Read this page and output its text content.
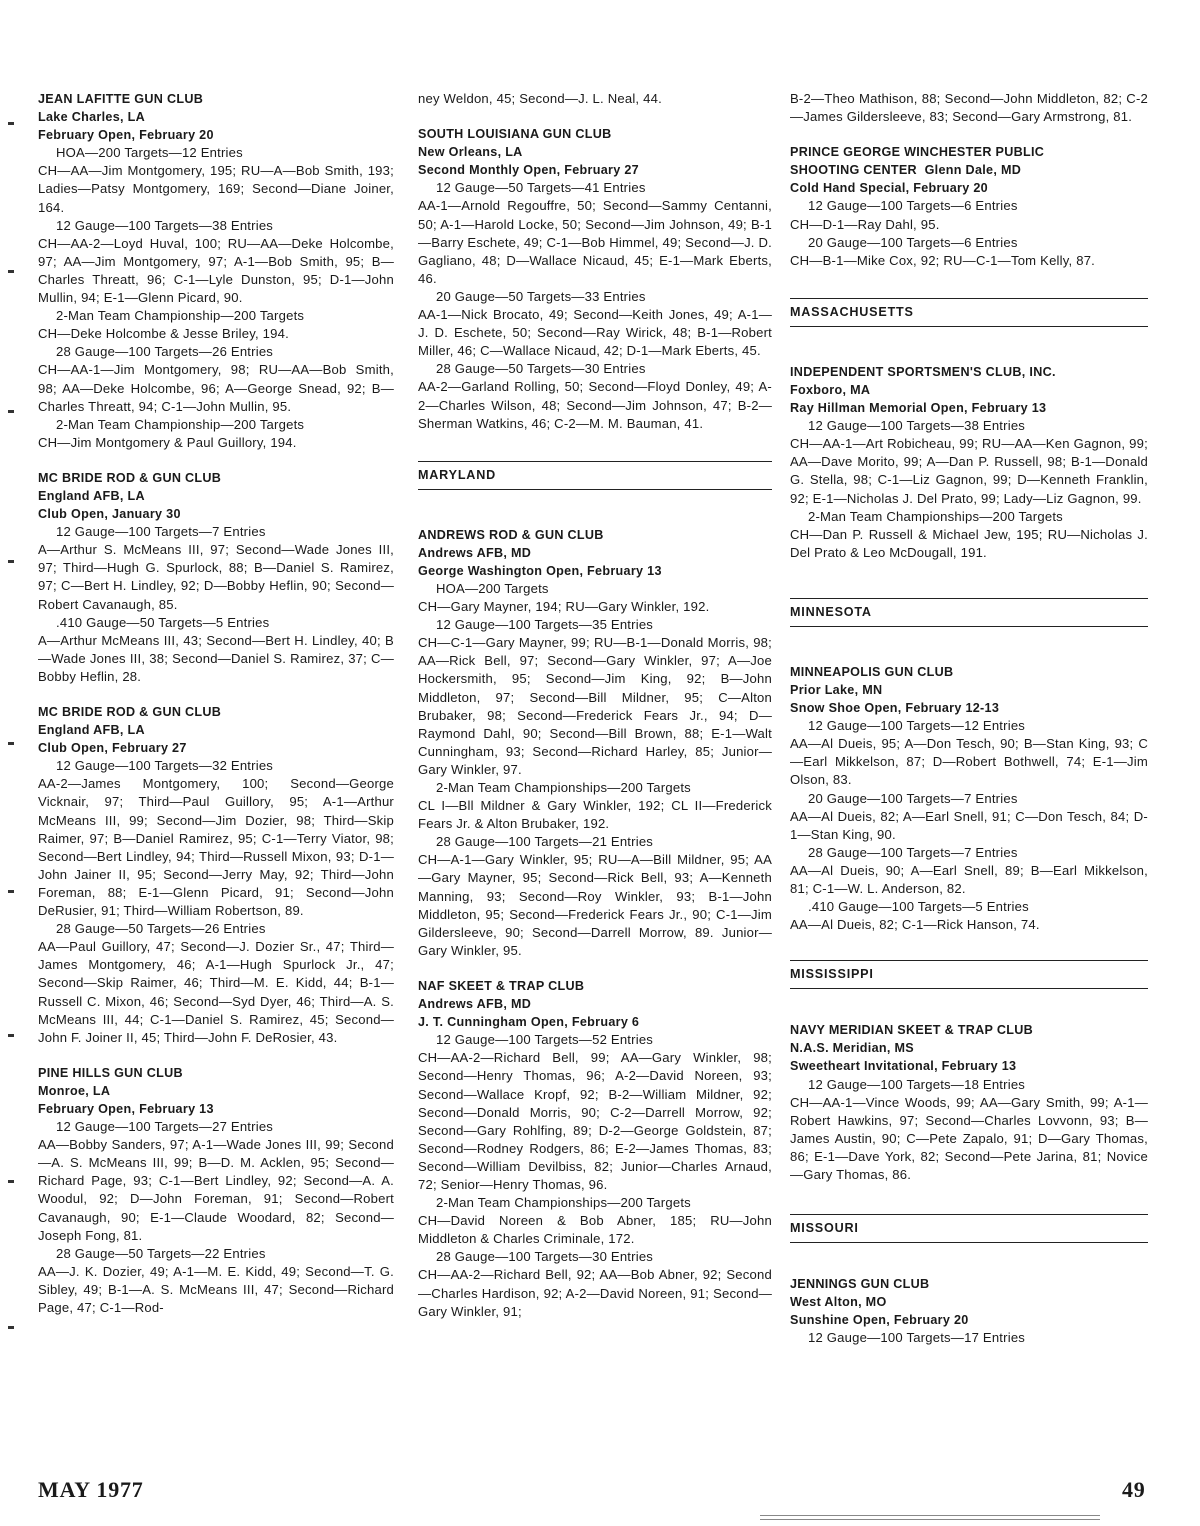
JEAN LAFITTE GUN CLUB
Lake Charles, LA
February Open, February 20

HOA—200 Targets—12 Entries

CH—AA—Jim Montgomery, 195; RU—A—Bob Smith, 193; Ladies—Patsy Montgomery, 169; Second—Diane Joiner, 164.

12 Gauge—100 Targets—38 Entries

CH—AA-2—Loyd Huval, 100; RU—AA—Deke Holcombe, 97; AA—Jim Montgomery, 97; A-1—Bob Smith, 95; B—Charles Threatt, 96; C-1—Lyle Dunston, 95; D-1—John Mullin, 94; E-1—Glenn Picard, 90.

2-Man Team Championship—200 Targets

CH—Deke Holcombe & Jesse Briley, 194.

28 Gauge—100 Targets—26 Entries

CH—AA-1—Jim Montgomery, 98; RU—AA—Bob Smith, 98; AA—Deke Holcombe, 96; A—George Snead, 92; B—Charles Threatt, 94; C-1—John Mullin, 95.

2-Man Team Championship—200 Targets

CH—Jim Montgomery & Paul Guillory, 194.

MC BRIDE ROD & GUN CLUB
England AFB, LA
Club Open, January 30

12 Gauge—100 Targets—7 Entries

A—Arthur S. McMeans III, 97; Second—Wade Jones III, 97; Third—Hugh G. Spurlock, 88; B—Daniel S. Ramirez, 97; C—Bert H. Lindley, 92; D—Bobby Heflin, 90; Second—Robert Cavanaugh, 85.

.410 Gauge—50 Targets—5 Entries

A—Arthur McMeans III, 43; Second—Bert H. Lindley, 40; B—Wade Jones III, 38; Second—Daniel S. Ramirez, 37; C—Bobby Heflin, 28.

MC BRIDE ROD & GUN CLUB
England AFB, LA
Club Open, February 27

12 Gauge—100 Targets—32 Entries

AA-2—James Montgomery, 100; Second—George Vicknair, 97; Third—Paul Guillory, 95; A-1—Arthur McMeans III, 99; Second—Jim Dozier, 98; Third—Skip Raimer, 97; B—Daniel Ramirez, 95; C-1—Terry Viator, 98; Second—Bert Lindley, 94; Third—Russell Mixon, 93; D-1—John Jainer II, 95; Second—Jerry May, 92; Third—John Foreman, 88; E-1—Glenn Picard, 91; Second—John DeRusier, 91; Third—William Robertson, 89.

28 Gauge—50 Targets—26 Entries

AA—Paul Guillory, 47; Second—J. Dozier Sr., 47; Third—James Montgomery, 46; A-1—Hugh Spurlock Jr., 47; Second—Skip Raimer, 46; Third—M. E. Kidd, 44; B-1—Russell C. Mixon, 46; Second—Syd Dyer, 46; Third—A. S. McMeans III, 44; C-1—Daniel S. Ramirez, 45; Second—John F. Joiner II, 45; Third—John F. DeRosier, 43.

PINE HILLS GUN CLUB
Monroe, LA
February Open, February 13

12 Gauge—100 Targets—27 Entries

AA—Bobby Sanders, 97; A-1—Wade Jones III, 99; Second—A. S. McMeans III, 99; B—D. M. Acklen, 95; Second—Richard Page, 93; C-1—Bert Lindley, 92; Second—A. A. Woodul, 92; D—John Foreman, 91; Second—Robert Cavanaugh, 90; E-1—Claude Woodard, 82; Second—Joseph Fong, 81.

28 Gauge—50 Targets—22 Entries

AA—J. K. Dozier, 49; A-1—M. E. Kidd, 49; Second—T. G. Sibley, 49; B-1—A. S. McMeans III, 47; Second—Richard Page, 47; C-1—Rod-

ney Weldon, 45; Second—J. L. Neal, 44.

SOUTH LOUISIANA GUN CLUB
New Orleans, LA
Second Monthly Open, February 27

12 Gauge—50 Targets—41 Entries

AA-1—Arnold Regouffre, 50; Second—Sammy Centanni, 50; A-1—Harold Locke, 50; Second—Jim Johnson, 49; B-1—Barry Eschete, 49; C-1—Bob Himmel, 49; Second—J. D. Gagliano, 48; D—Wallace Nicaud, 45; E-1—Mark Eberts, 46.

20 Gauge—50 Targets—33 Entries

AA-1—Nick Brocato, 49; Second—Keith Jones, 49; A-1—J. D. Eschete, 50; Second—Ray Wirick, 48; B-1—Robert Miller, 46; C—Wallace Nicaud, 42; D-1—Mark Eberts, 45.

28 Gauge—50 Targets—30 Entries

AA-2—Garland Rolling, 50; Second—Floyd Donley, 49; A-2—Charles Wilson, 48; Second—Jim Johnson, 47; B-2—Sherman Watkins, 46; C-2—M. M. Bauman, 41.

MARYLAND
ANDREWS ROD & GUN CLUB
Andrews AFB, MD
George Washington Open, February 13

HOA—200 Targets

CH—Gary Mayner, 194; RU—Gary Winkler, 192.

12 Gauge—100 Targets—35 Entries

CH—C-1—Gary Mayner, 99; RU—B-1—Donald Morris, 98; AA—Rick Bell, 97; Second—Gary Winkler, 97; A—Joe Hockersmith, 95; Second—Jim King, 92; B—John Middleton, 97; Second—Bill Mildner, 95; C—Alton Brubaker, 98; Second—Frederick Fears Jr., 94; D—Raymond Dahl, 90; Second—Bill Brown, 88; E-1—Walt Cunningham, 93; Second—Richard Harley, 85; Junior—Gary Winkler, 97.

2-Man Team Championships—200 Targets

CL I—Bll Mildner & Gary Winkler, 192; CL II—Frederick Fears Jr. & Alton Brubaker, 192.

28 Gauge—100 Targets—21 Entries

CH—A-1—Gary Winkler, 95; RU—A—Bill Mildner, 95; AA—Gary Mayner, 95; Second—Rick Bell, 93; A—Kenneth Manning, 93; Second—Roy Winkler, 93; B-1—John Middleton, 95; Second—Frederick Fears Jr., 90; C-1—Jim Gildersleeve, 90; Second—Darrell Morrow, 89. Junior—Gary Winkler, 95.

NAF SKEET & TRAP CLUB
Andrews AFB, MD
J. T. Cunningham Open, February 6

12 Gauge—100 Targets—52 Entries

CH—AA-2—Richard Bell, 99; AA—Gary Winkler, 98; Second—Henry Thomas, 96; A-2—David Noreen, 93; Second—Wallace Kropf, 92; B-2—William Mildner, 92; Second—Donald Morris, 90; C-2—Darrell Morrow, 92; Second—Gary Rohlfing, 89; D-2—George Goldstein, 87; Second—Rodney Rodgers, 86; E-2—James Thomas, 83; Second—William Devilbiss, 82; Junior—Charles Arnaud, 72; Senior—Henry Thomas, 96.

2-Man Team Championships—200 Targets

CH—David Noreen & Bob Abner, 185; RU—John Middleton & Charles Criminale, 172.

28 Gauge—100 Targets—30 Entries

CH—AA-2—Richard Bell, 92; AA—Bob Abner, 92; Second—Charles Hardison, 92; A-2—David Noreen, 91; Second—Gary Winkler, 91;

B-2—Theo Mathison, 88; Second—John Middleton, 82; C-2—James Gildersleeve, 83; Second—Gary Armstrong, 81.

PRINCE GEORGE WINCHESTER PUBLIC
SHOOTING CENTER Glenn Dale, MD
Cold Hand Special, February 20

12 Gauge—100 Targets—6 Entries

CH—D-1—Ray Dahl, 95.

20 Gauge—100 Targets—6 Entries

CH—B-1—Mike Cox, 92; RU—C-1—Tom Kelly, 87.

MASSACHUSETTS
INDEPENDENT SPORTSMEN'S CLUB, INC.
Foxboro, MA
Ray Hillman Memorial Open, February 13

12 Gauge—100 Targets—38 Entries

CH—AA-1—Art Robicheau, 99; RU—AA—Ken Gagnon, 99; AA—Dave Morito, 99; A—Dan P. Russell, 98; B-1—Donald G. Stella, 98; C-1—Liz Gagnon, 99; D—Kenneth Franklin, 92; E-1—Nicholas J. Del Prato, 99; Lady—Liz Gagnon, 99.

2-Man Team Championships—200 Targets

CH—Dan P. Russell & Michael Jew, 195; RU—Nicholas J. Del Prato & Leo McDougall, 191.

MINNESOTA
MINNEAPOLIS GUN CLUB
Prior Lake, MN
Snow Shoe Open, February 12-13

12 Gauge—100 Targets—12 Entries

AA—Al Dueis, 95; A—Don Tesch, 90; B—Stan King, 93; C—Earl Mikkelson, 87; D—Robert Bothwell, 74; E-1—Jim Olson, 83.

20 Gauge—100 Targets—7 Entries

AA—Al Dueis, 82; A—Earl Snell, 91; C—Don Tesch, 84; D-1—Stan King, 90.

28 Gauge—100 Targets—7 Entries

AA—Al Dueis, 90; A—Earl Snell, 89; B—Earl Mikkelson, 81; C-1—W. L. Anderson, 82.

.410 Gauge—100 Targets—5 Entries

AA—Al Dueis, 82; C-1—Rick Hanson, 74.

MISSISSIPPI
NAVY MERIDIAN SKEET & TRAP CLUB
N.A.S. Meridian, MS
Sweetheart Invitational, February 13

12 Gauge—100 Targets—18 Entries

CH—AA-1—Vince Woods, 99; AA—Gary Smith, 99; A-1—Robert Hawkins, 97; Second—Charles Lovvonn, 93; B—James Austin, 90; C—Pete Zapalo, 91; D—Gary Thomas, 86; E-1—Dave York, 82; Second—Pete Jarina, 81; Novice—Gary Thomas, 86.

MISSOURI
JENNINGS GUN CLUB
West Alton, MO
Sunshine Open, February 20

12 Gauge—100 Targets—17 Entries

MAY 1977	49
